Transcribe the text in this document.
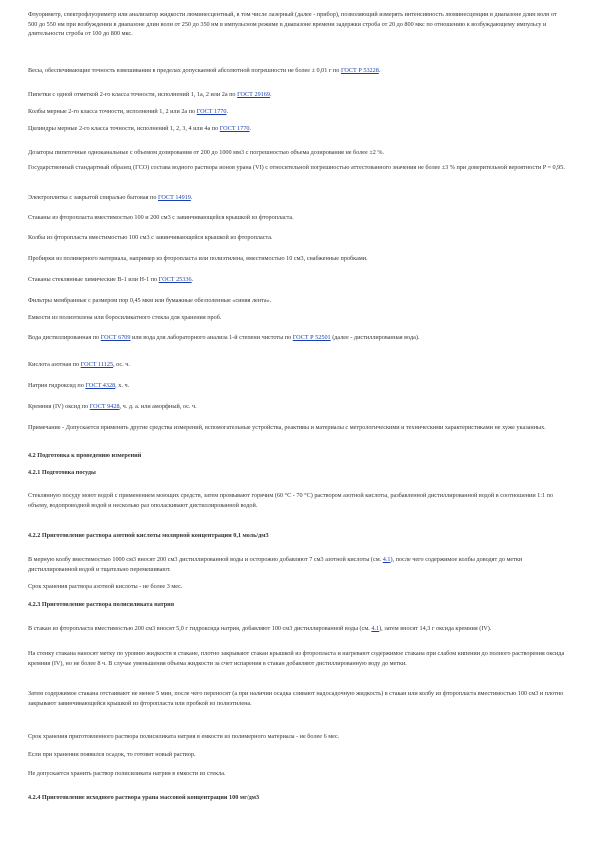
Флуориметр, спектрофлуориметр или анализатор жидкости люминесцентный, в том числе лазерный (далее - прибор), позволяющий измерять интенсивность люминесценции в диапазоне длин волн от 500 до 550 нм при возбуждении в диапазоне длин волн от 250 до 350 нм в импульсном режиме в диапазоне времени задержки строба от 20 до 800 мкс по отношению к возбуждающему импульсу и длительности строба от 100 до 800 мкс.

Весы, обеспечивающие точность взвешивания в пределах допускаемой абсолютной погрешности не более ± 0,01 г по ГОСТ Р 53228.

Пипетки с одной отметкой 2-го класса точности, исполнений 1, 1а, 2 или 2а по ГОСТ 29169.

Колбы мерные 2-го класса точности, исполнений 1, 2 или 2а по ГОСТ 1770.

Цилиндры мерные 2-го класса точности, исполнений 1, 2, 3, 4 или 4а по ГОСТ 1770.

Дозаторы пипеточные одноканальные с объемом дозирования от 200 до 1000 мм3 с погрешностью объема дозирования не более ±2 %.

Государственный стандартный образец (ГСО) состава водного раствора ионов урана (VI) с относительной погрешностью аттестованного значения не более ±3 % при доверительной вероятности P = 0,95.

Электроплитка с закрытой спиралью бытовая по ГОСТ 14919.

Стаканы из фторопласта вместимостью 100 и 200 см3 с завинчивающейся крышкой из фторопласта.

Колбы из фторопласта вместимостью 100 см3 с завинчивающейся крышкой из фторопласта.

Пробирки из полимерного материала, например из фторопласта или полиэтилена, вместимостью 10 см3, снабженные пробками.

Стаканы стеклянные химические В-1 или Н-1 по ГОСТ 25336.

Фильтры мембранные с размером пор 0,45 мкм или бумажные обеззоленные «синяя лента».

Емкости из полиэтилена или боросиликатного стекла для хранения проб.

Вода дистиллированная по ГОСТ 6709 или вода для лабораторного анализа 1-й степени чистоты по ГОСТ Р 52501 (далее - дистиллированная вода).

Кислота азотная по ГОСТ 11125, ос. ч.

Натрия гидроксид по ГОСТ 4328, х. ч.

Кремния (IV) оксид по ГОСТ 9428, ч. д. а. или аморфный, ос. ч.

Примечание - Допускается применять другие средства измерений, вспомогательные устройства, реактивы и материалы с метрологическими и техническими характеристиками не хуже указанных.

4.2 Подготовка к проведению измерений

4.2.1 Подготовка посуды

Стеклянную посуду моют водой с применением моющих средств, затем промывают горячим (60 °С - 70 °С) раствором азотной кислоты, разбавленной дистиллированной водой в соотношении 1:1 по объему, водопроводной водой и несколько раз ополаскивают дистиллированной водой.

4.2.2 Приготовление раствора азотной кислоты молярной концентрации 0,1 моль/дм3

В мерную колбу вместимостью 1000 см3 вносят 200 см3 дистиллированной воды и осторожно добавляют 7 см3 азотной кислоты (см. 4.1), после чего содержимое колбы доводят до метки дистиллированной водой и тщательно перемешивают.

Срок хранения раствора азотной кислоты - не более 3 мес.

4.2.3 Приготовление раствора полисиликата натрия

В стакан из фторопласта вместимостью 200 см3 вносят 5,0 г гидроксида натрия, добавляют 100 см3 дистиллированной воды (см. 4.1), затем вносят 14,3 г оксида кремния (IV).

На стенку стакана наносят метку по уровню жидкости в стакане, плотно закрывают стакан крышкой из фторопласта и нагревают содержимое стакана при слабом кипении до полного растворения оксида кремния (IV), но не более 8 ч. В случае уменьшения объема жидкости за счет испарения в стакан добавляют дистиллированную воду до метки.

Затем содержимое стакана отстаивают не менее 5 мин, после чего переносят (а при наличии осадка сливают надосадочную жидкость) в стакан или колбу из фторопласта вместимостью 100 см3 и плотно закрывают завинчивающейся крышкой из фторопласта или пробкой из полиэтилена.

Срок хранения приготовленного раствора полисиликата натрия в емкости из полимерного материала - не более 6 мес.

Если при хранении появился осадок, то готовят новый раствор.

Не допускается хранить раствор полисиликата натрия в емкости из стекла.

4.2.4 Приготовление исходного раствора урана массовой концентрации 100 мг/дм3
